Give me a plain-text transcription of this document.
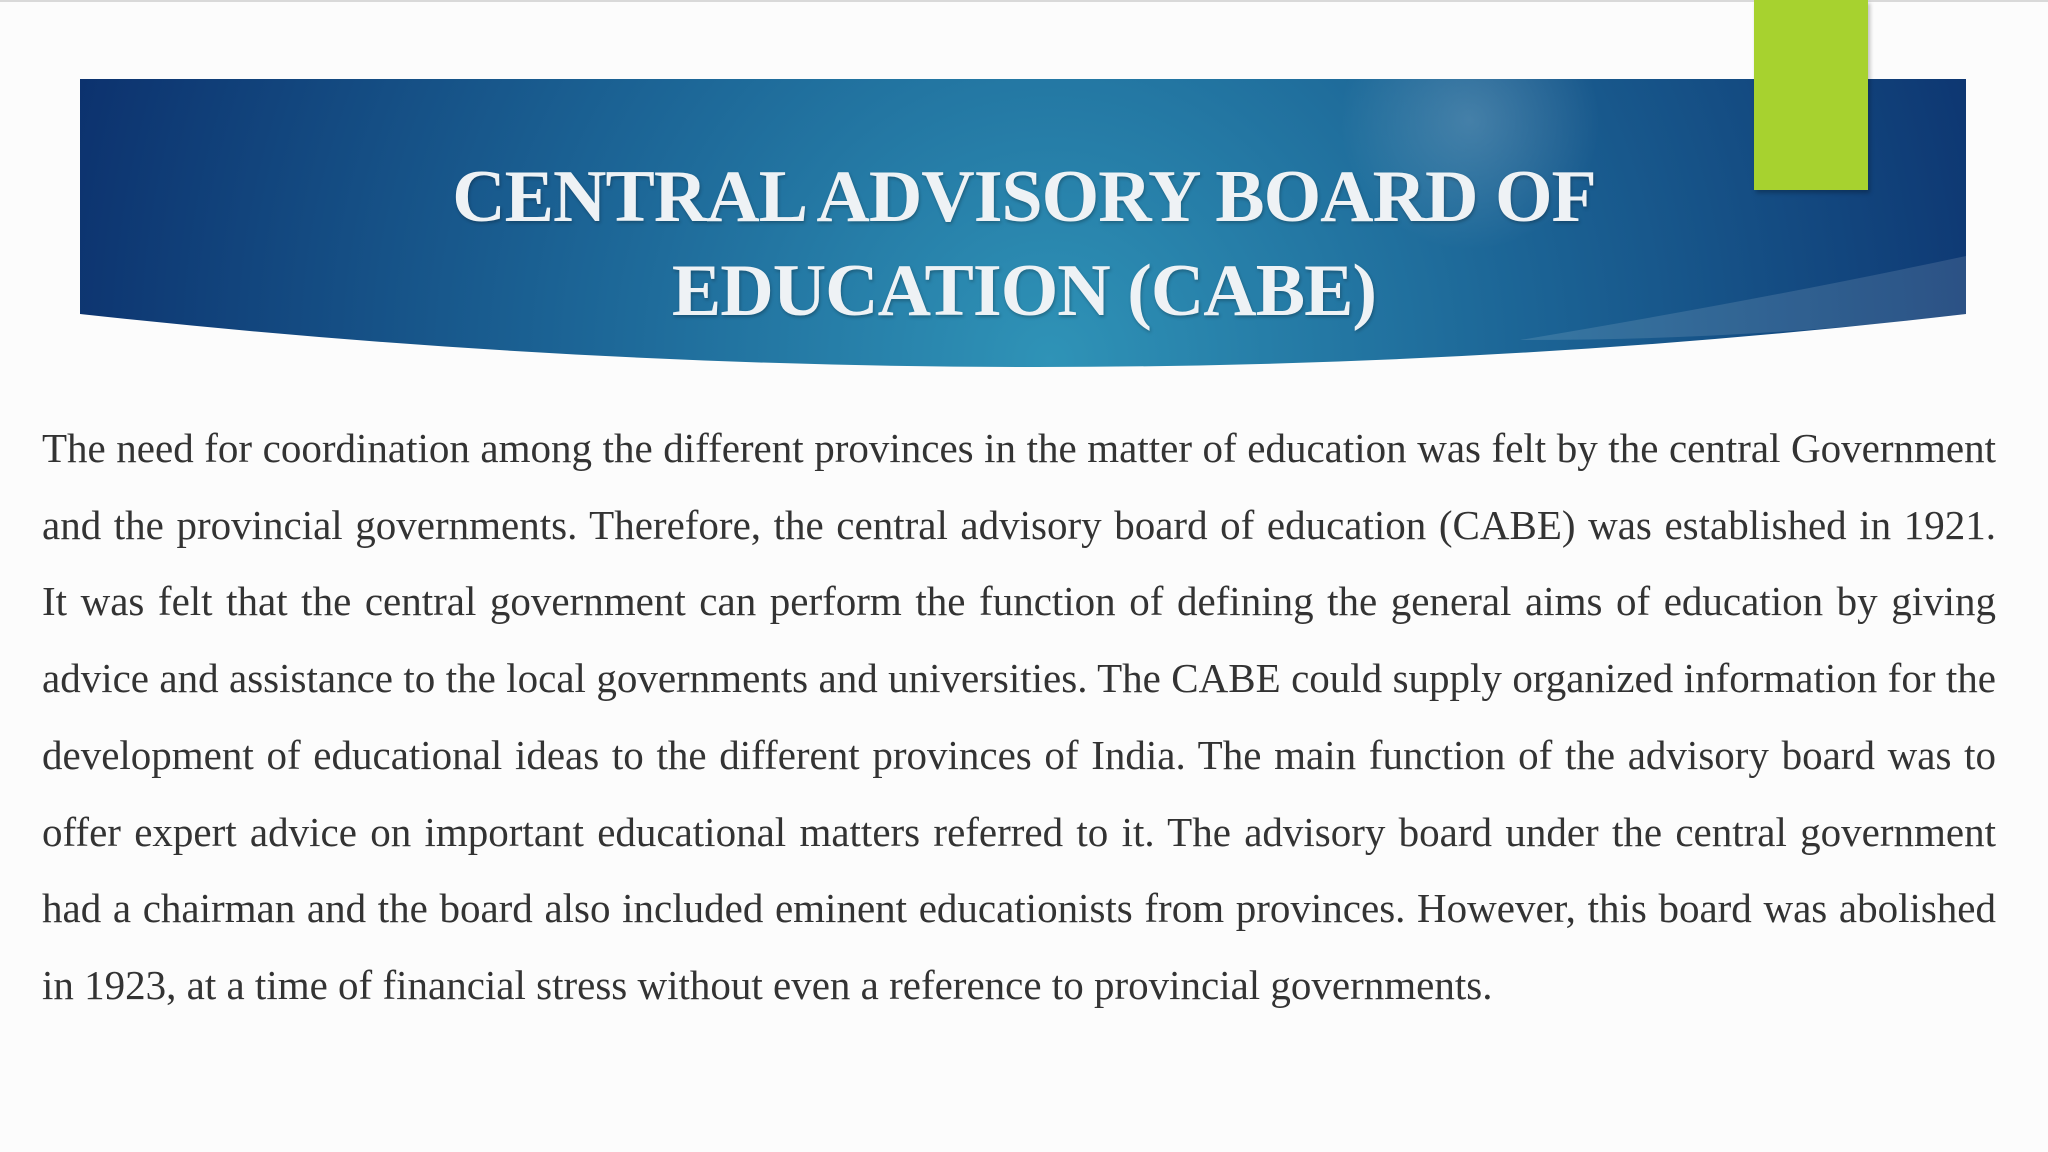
CENTRAL ADVISORY BOARD OF EDUCATION (CABE)

The need for coordination among the different provinces in the matter of education was felt by the central Government and the provincial governments. Therefore, the central advisory board of education (CABE) was established in 1921. It was felt that the central government can perform the function of defining the general aims of education by giving advice and assistance to the local governments and universities. The CABE could supply organized information for the development of educational ideas to the different provinces of India. The main function of the advisory board was to offer expert advice on important educational matters referred to it. The advisory board under the central government had a chairman and the board also included eminent educationists from provinces. However, this board was abolished in 1923, at a time of financial stress without even a reference to provincial governments.
